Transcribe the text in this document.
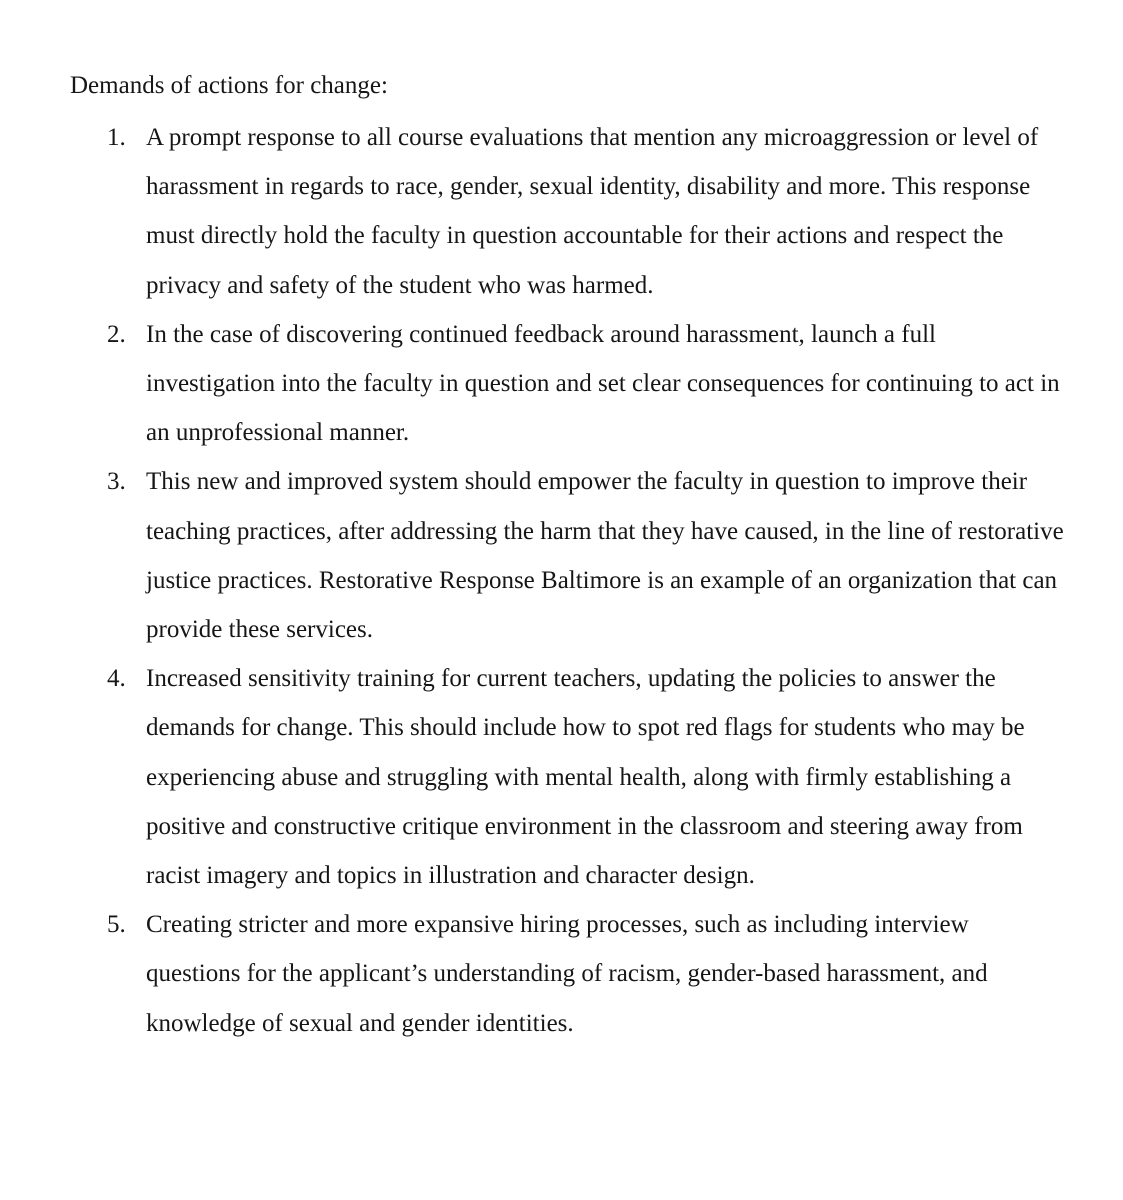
Demands of actions for change:
1. A prompt response to all course evaluations that mention any microaggression or level of harassment in regards to race, gender, sexual identity, disability and more. This response must directly hold the faculty in question accountable for their actions and respect the privacy and safety of the student who was harmed.
2. In the case of discovering continued feedback around harassment, launch a full investigation into the faculty in question and set clear consequences for continuing to act in an unprofessional manner.
3. This new and improved system should empower the faculty in question to improve their teaching practices, after addressing the harm that they have caused, in the line of restorative justice practices. Restorative Response Baltimore is an example of an organization that can provide these services.
4. Increased sensitivity training for current teachers, updating the policies to answer the demands for change. This should include how to spot red flags for students who may be experiencing abuse and struggling with mental health, along with firmly establishing a positive and constructive critique environment in the classroom and steering away from racist imagery and topics in illustration and character design.
5. Creating stricter and more expansive hiring processes, such as including interview questions for the applicant’s understanding of racism, gender-based harassment, and knowledge of sexual and gender identities.
